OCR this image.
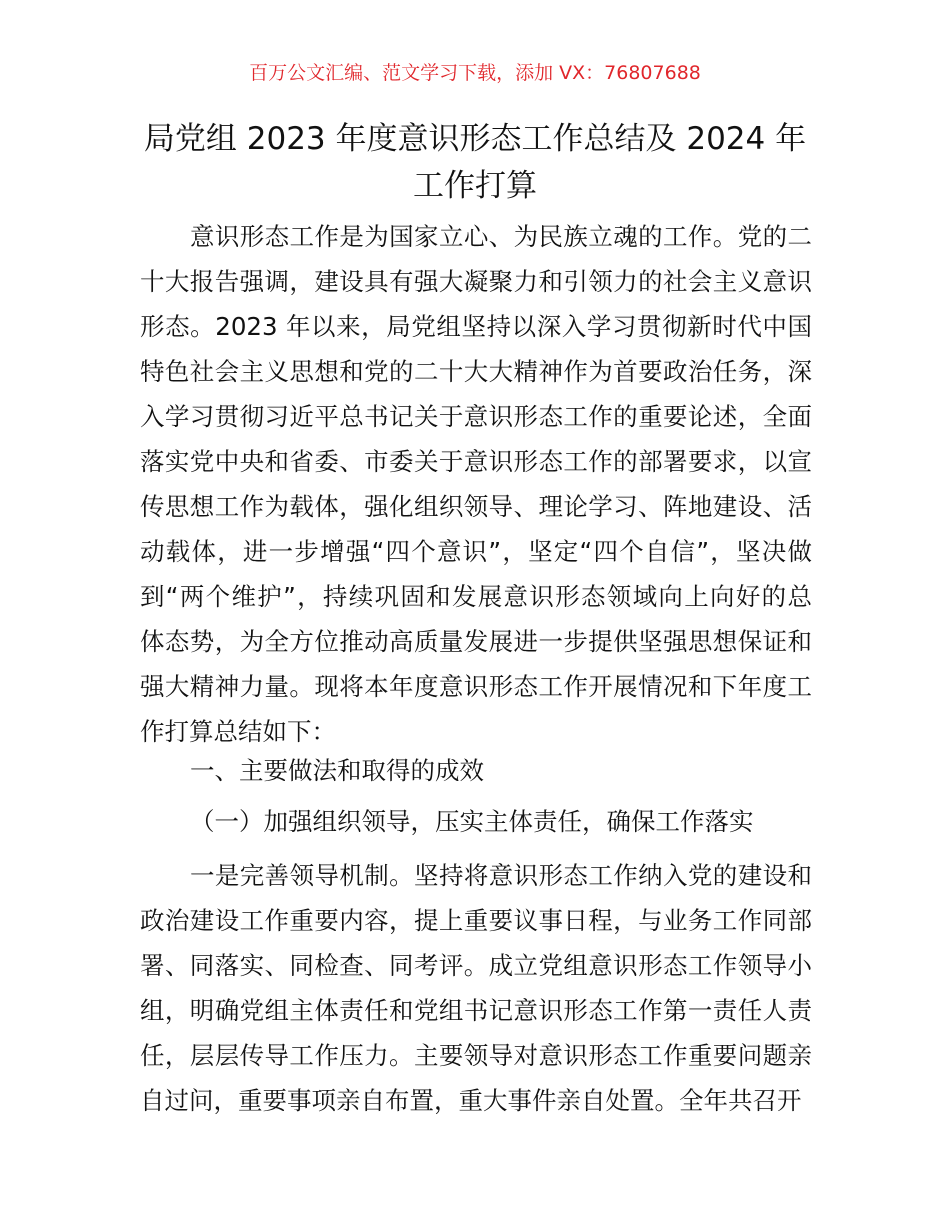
百万公文汇编、范文学习下载，添加 VX：76807688
局党组 2023 年度意识形态工作总结及 2024 年
工作打算
意识形态工作是为国家立心、为民族立魂的工作。党的二
十大报告强调，建设具有强大凝聚力和引领力的社会主义意识
形态。2023 年以来，局党组坚持以深入学习贯彻新时代中国
特色社会主义思想和党的二十大大精神作为首要政治任务，深
入学习贯彻习近平总书记关于意识形态工作的重要论述，全面
落实党中央和省委、市委关于意识形态工作的部署要求，以宣
传思想工作为载体，强化组织领导、理论学习、阵地建设、活
动载体，进一步增强“四个意识”，坚定“四个自信”，坚决做
到“两个维护”，持续巩固和发展意识形态领域向上向好的总
体态势，为全方位推动高质量发展进一步提供坚强思想保证和
强大精神力量。现将本年度意识形态工作开展情况和下年度工
作打算总结如下：
一、主要做法和取得的成效
（一）加强组织领导，压实主体责任，确保工作落实
一是完善领导机制。坚持将意识形态工作纳入党的建设和
政治建设工作重要内容，提上重要议事日程，与业务工作同部
署、同落实、同检查、同考评。成立党组意识形态工作领导小
组，明确党组主体责任和党组书记意识形态工作第一责任人责
任，层层传导工作压力。主要领导对意识形态工作重要问题亲
自过问，重要事项亲自布置，重大事件亲自处置。全年共召开
